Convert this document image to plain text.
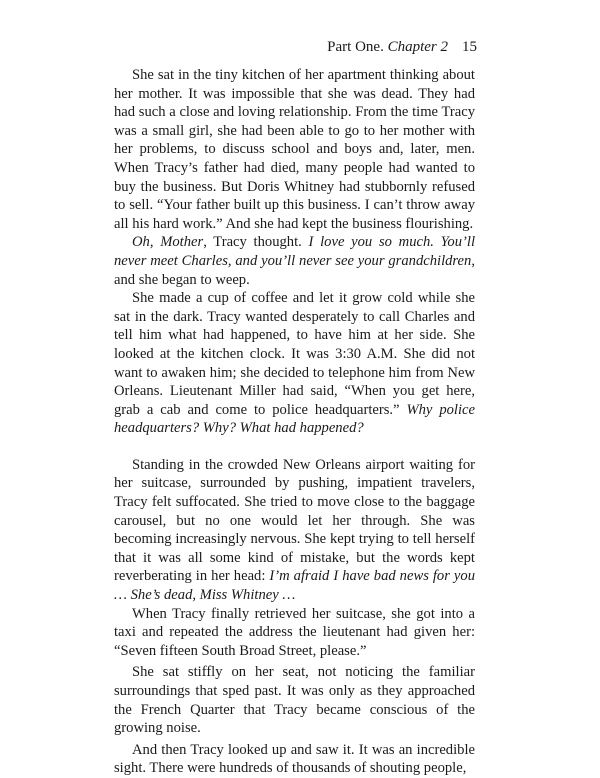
Part One. Chapter 2 15

She sat in the tiny kitchen of her apartment thinking about her mother. It was impossible that she was dead. They had had such a close and loving relationship. From the time Tracy was a small girl, she had been able to go to her mother with her problems, to discuss school and boys and, later, men. When Tracy’s father had died, many people had wanted to buy the business. But Doris Whitney had stubbornly refused to sell. “Your father built up this business. I can’t throw away all his hard work.” And she had kept the business flourishing.

Oh, Mother, Tracy thought. I love you so much. You’ll never meet Charles, and you’ll never see your grandchildren, and she began to weep.

She made a cup of coffee and let it grow cold while she sat in the dark. Tracy wanted desperately to call Charles and tell him what had happened, to have him at her side. She looked at the kitchen clock. It was 3:30 A.M. She did not want to awaken him; she decided to telephone him from New Orleans. Lieutenant Miller had said, “When you get here, grab a cab and come to police headquarters.” Why police headquarters? Why? What had happened?

Standing in the crowded New Orleans airport waiting for her suitcase, surrounded by pushing, impatient travelers, Tracy felt suffocated. She tried to move close to the baggage carousel, but no one would let her through. She was becoming increasingly nervous. She kept trying to tell herself that it was all some kind of mistake, but the words kept reverberating in her head: I’m afraid I have bad news for you … She’s dead, Miss Whitney …

When Tracy finally retrieved her suitcase, she got into a taxi and repeated the address the lieutenant had given her: “Seven fifteen South Broad Street, please.”

She sat stiffly on her seat, not noticing the familiar surroundings that sped past. It was only as they approached the French Quarter that Tracy became conscious of the growing noise.

And then Tracy looked up and saw it. It was an incredible sight. There were hundreds of thousands of shouting people,
